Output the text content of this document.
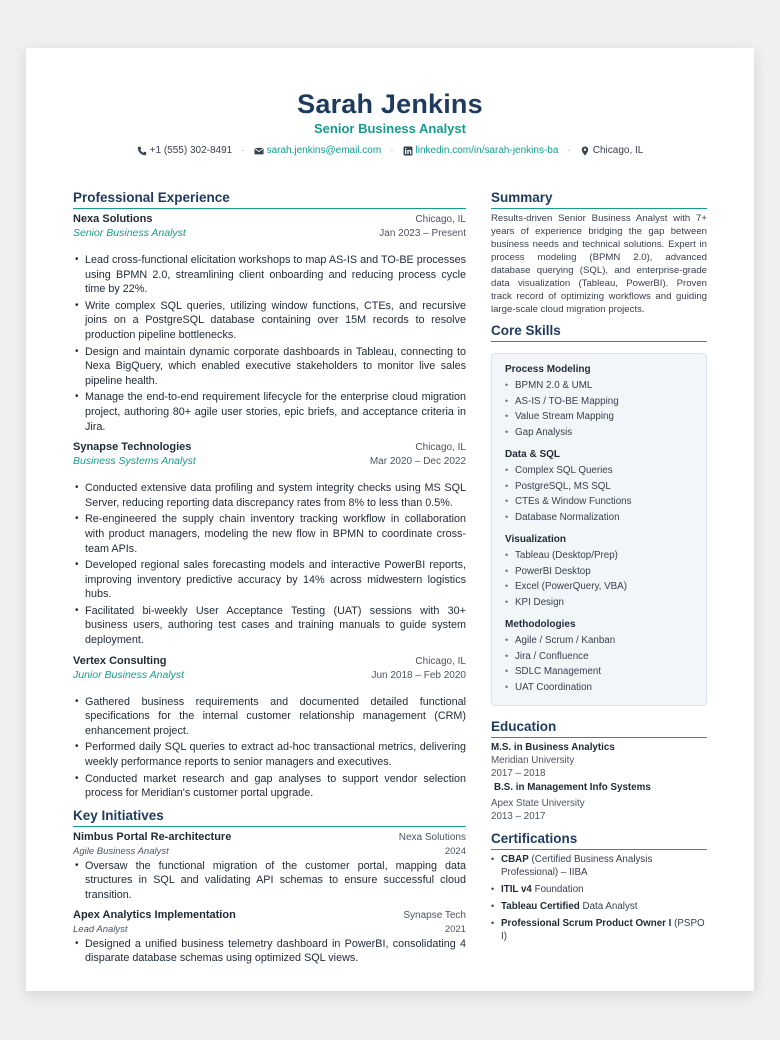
Sarah Jenkins
Senior Business Analyst
+1 (555) 302-8491 · sarah.jenkins@email.com · linkedin.com/in/sarah-jenkins-ba · Chicago, IL
Professional Experience
Nexa Solutions	Chicago, IL
Senior Business Analyst	Jan 2023 – Present
• Lead cross-functional elicitation workshops to map AS-IS and TO-BE processes using BPMN 2.0, streamlining client onboarding and reducing process cycle time by 22%.
• Write complex SQL queries, utilizing window functions, CTEs, and recursive joins on a PostgreSQL database containing over 15M records to resolve production pipeline bottlenecks.
• Design and maintain dynamic corporate dashboards in Tableau, connecting to Nexa BigQuery, which enabled executive stakeholders to monitor live sales pipeline health.
• Manage the end-to-end requirement lifecycle for the enterprise cloud migration project, authoring 80+ agile user stories, epic briefs, and acceptance criteria in Jira.
Synapse Technologies	Chicago, IL
Business Systems Analyst	Mar 2020 – Dec 2022
• Conducted extensive data profiling and system integrity checks using MS SQL Server, reducing reporting data discrepancy rates from 8% to less than 0.5%.
• Re-engineered the supply chain inventory tracking workflow in collaboration with product managers, modeling the new flow in BPMN to coordinate cross-team APIs.
• Developed regional sales forecasting models and interactive PowerBI reports, improving inventory predictive accuracy by 14% across midwestern logistics hubs.
• Facilitated bi-weekly User Acceptance Testing (UAT) sessions with 30+ business users, authoring test cases and training manuals to guide system deployment.
Vertex Consulting	Chicago, IL
Junior Business Analyst	Jun 2018 – Feb 2020
• Gathered business requirements and documented detailed functional specifications for the internal customer relationship management (CRM) enhancement project.
• Performed daily SQL queries to extract ad-hoc transactional metrics, delivering weekly performance reports to senior managers and executives.
• Conducted market research and gap analyses to support vendor selection process for Meridian's customer portal upgrade.
Key Initiatives
Nimbus Portal Re-architecture	Nexa Solutions
Agile Business Analyst	2024
• Oversaw the functional migration of the customer portal, mapping data structures in SQL and validating API schemas to ensure successful cloud transition.
Apex Analytics Implementation	Synapse Tech
Lead Analyst	2021
• Designed a unified business telemetry dashboard in PowerBI, consolidating 4 disparate database schemas using optimized SQL views.
Summary
Results-driven Senior Business Analyst with 7+ years of experience bridging the gap between business needs and technical solutions. Expert in process modeling (BPMN 2.0), advanced database querying (SQL), and enterprise-grade data visualization (Tableau, PowerBI). Proven track record of optimizing workflows and guiding large-scale cloud migration projects.
Core Skills
Process Modeling
• BPMN 2.0 & UML
• AS-IS / TO-BE Mapping
• Value Stream Mapping
• Gap Analysis
Data & SQL
• Complex SQL Queries
• PostgreSQL, MS SQL
• CTEs & Window Functions
• Database Normalization
Visualization
• Tableau (Desktop/Prep)
• PowerBI Desktop
• Excel (PowerQuery, VBA)
• KPI Design
Methodologies
• Agile / Scrum / Kanban
• Jira / Confluence
• SDLC Management
• UAT Coordination
Education
M.S. in Business Analytics
Meridian University
2017 – 2018
B.S. in Management Info Systems
Apex State University
2013 – 2017
Certifications
• CBAP (Certified Business Analysis Professional) – IIBA
• ITIL v4 Foundation
• Tableau Certified Data Analyst
• Professional Scrum Product Owner I (PSPO I)
